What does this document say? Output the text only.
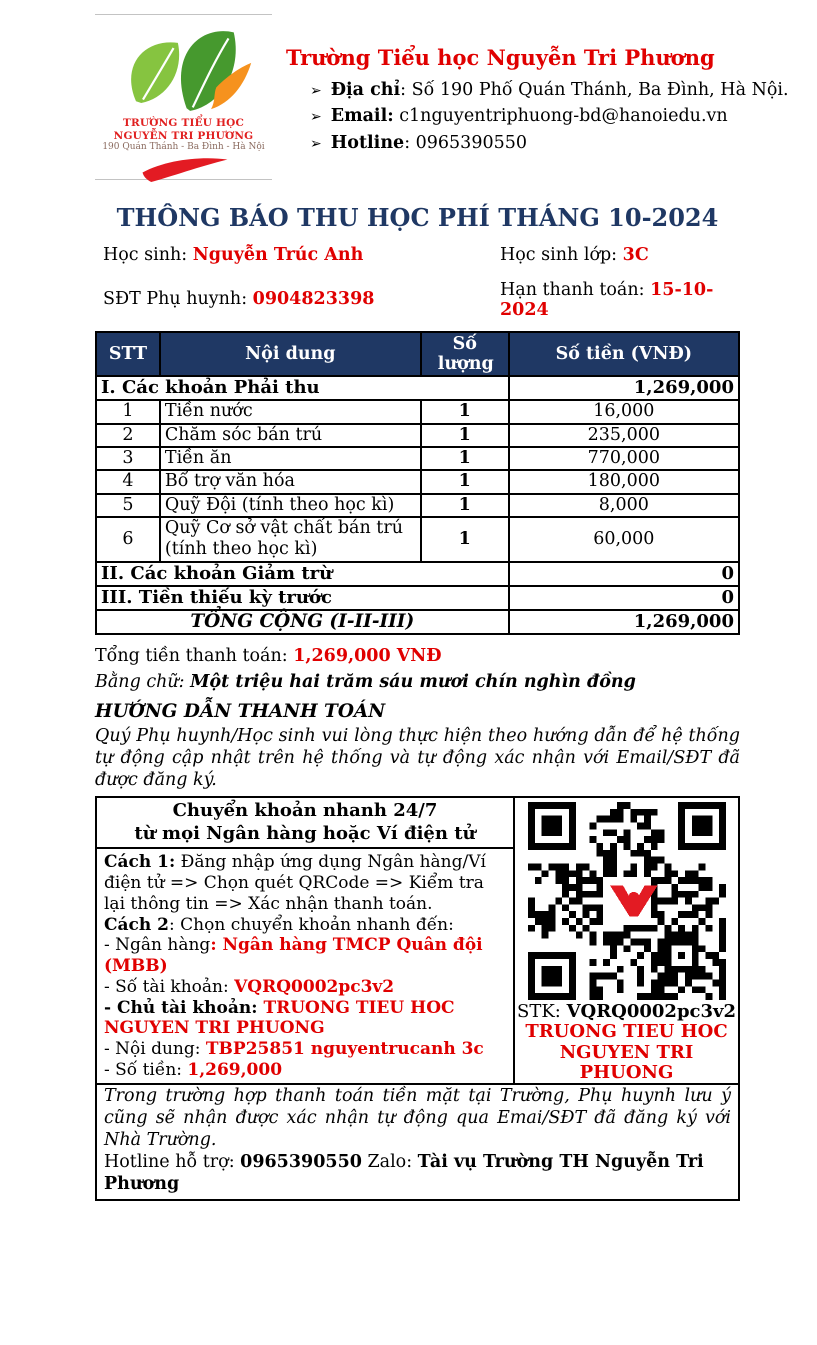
TRƯỜNG TIỂU HỌC NGUYỄN TRI PHƯƠNG
190 Quán Thánh - Ba Đình - Hà Nội
Trường Tiểu học Nguyễn Tri Phương
➢ Địa chỉ: Số 190 Phố Quán Thánh, Ba Đình, Hà Nội.
➢ Email: c1nguyentriphuong-bd@hanoiedu.vn
➢ Hotline: 0965390550
THÔNG BÁO THU HỌC PHÍ THÁNG 10-2024
Học sinh: Nguyễn Trúc Anh	Học sinh lớp: 3C
SĐT Phụ huynh: 0904823398	Hạn thanh toán: 15-10-2024
STT	Nội dung	Số lượng	Số tiền (VNĐ)
I. Các khoản Phải thu			1,269,000
1	Tiền nước	1	16,000
2	Chăm sóc bán trú	1	235,000
3	Tiền ăn	1	770,000
4	Bổ trợ văn hóa	1	180,000
5	Quỹ Đội (tính theo học kì)	1	8,000
6	Quỹ Cơ sở vật chất bán trú (tính theo học kì)	1	60,000
II. Các khoản Giảm trừ			0
III. Tiền thiếu kỳ trước			0
TỔNG CỘNG (I-II-III)			1,269,000
Tổng tiền thanh toán: 1,269,000 VNĐ
Bằng chữ: Một triệu hai trăm sáu mươi chín nghìn đồng
HƯỚNG DẪN THANH TOÁN
Quý Phụ huynh/Học sinh vui lòng thực hiện theo hướng dẫn để hệ thống tự động cập nhật trên hệ thống và tự động xác nhận với Email/SĐT đã được đăng ký.
Chuyển khoản nhanh 24/7
từ mọi Ngân hàng hoặc Ví điện tử

Cách 1: Đăng nhập ứng dụng Ngân hàng/Ví điện tử => Chọn quét QRCode => Kiểm tra lại thông tin => Xác nhận thanh toán.

Cách 2: Chọn chuyển khoản nhanh đến:

- Ngân hàng: Ngân hàng TMCP Quân đội (MBB)

- Số tài khoản: VQRQ0002pc3v2

- Chủ tài khoản: TRUONG TIEU HOC NGUYEN TRI PHUONG

- Nội dung: TBP25851 nguyentrucanh 3c

- Số tiền: 1,269,000

STK: VQRQ0002pc3v2
TRUONG TIEU HOC
NGUYEN TRI PHUONG
Trong trường hợp thanh toán tiền mặt tại Trường, Phụ huynh lưu ý cũng sẽ nhận được xác nhận tự động qua Emai/SĐT đã đăng ký với Nhà Trường.
Hotline hỗ trợ: 0965390550 Zalo: Tài vụ Trường TH Nguyễn Tri Phương
